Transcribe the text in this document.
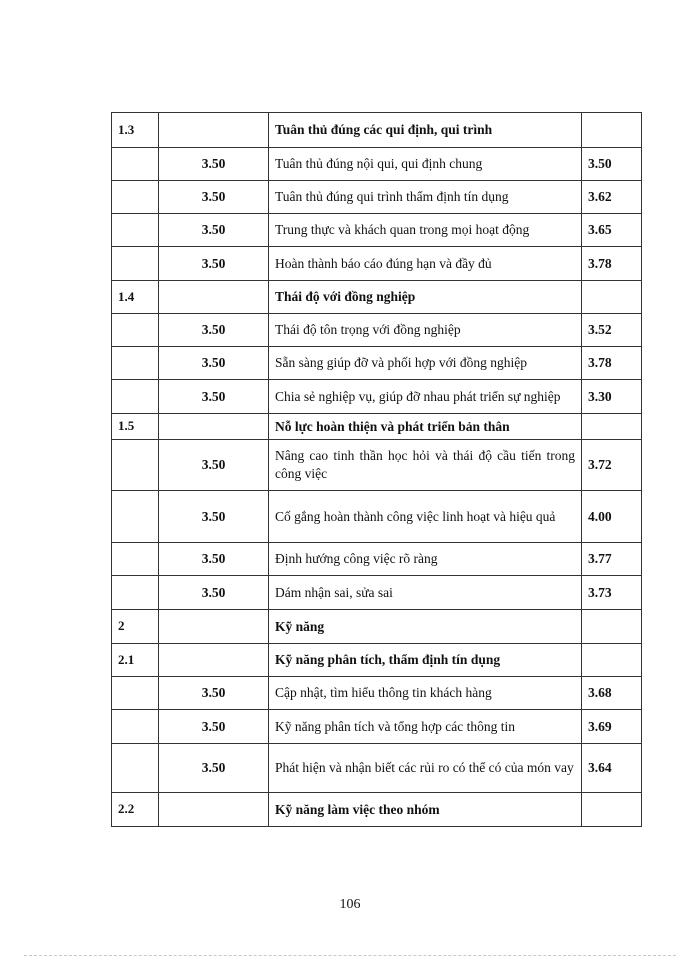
1.3		Tuân thủ đúng các qui định, qui trình	
	3.50	Tuân thủ đúng nội qui, qui định chung	3.50
	3.50	Tuân thủ đúng qui trình thẩm định tín dụng	3.62
	3.50	Trung thực và khách quan trong mọi hoạt động	3.65
	3.50	Hoàn thành báo cáo đúng hạn và đầy đủ	3.78
1.4		Thái độ với đồng nghiệp	
	3.50	Thái độ tôn trọng với đồng nghiệp	3.52
	3.50	Sẵn sàng giúp đỡ và phối hợp với đồng nghiệp	3.78
	3.50	Chia sẻ nghiệp vụ, giúp đỡ nhau phát triển sự nghiệp	3.30
1.5		Nỗ lực hoàn thiện và phát triển bản thân	
	3.50	Nâng cao tinh thần học hỏi và thái độ cầu tiến trong công việc	3.72
	3.50	Cố gắng hoàn thành công việc linh hoạt và hiệu quả	4.00
	3.50	Định hướng công việc rõ ràng	3.77
	3.50	Dám nhận sai, sửa sai	3.73
2		Kỹ năng	
2.1		Kỹ năng phân tích, thẩm định tín dụng	
	3.50	Cập nhật, tìm hiểu thông tin khách hàng	3.68
	3.50	Kỹ năng phân tích và tổng hợp các thông tin	3.69
	3.50	Phát hiện và nhận biết các rủi ro có thể có của món vay	3.64
2.2		Kỹ năng làm việc theo nhóm	
106
